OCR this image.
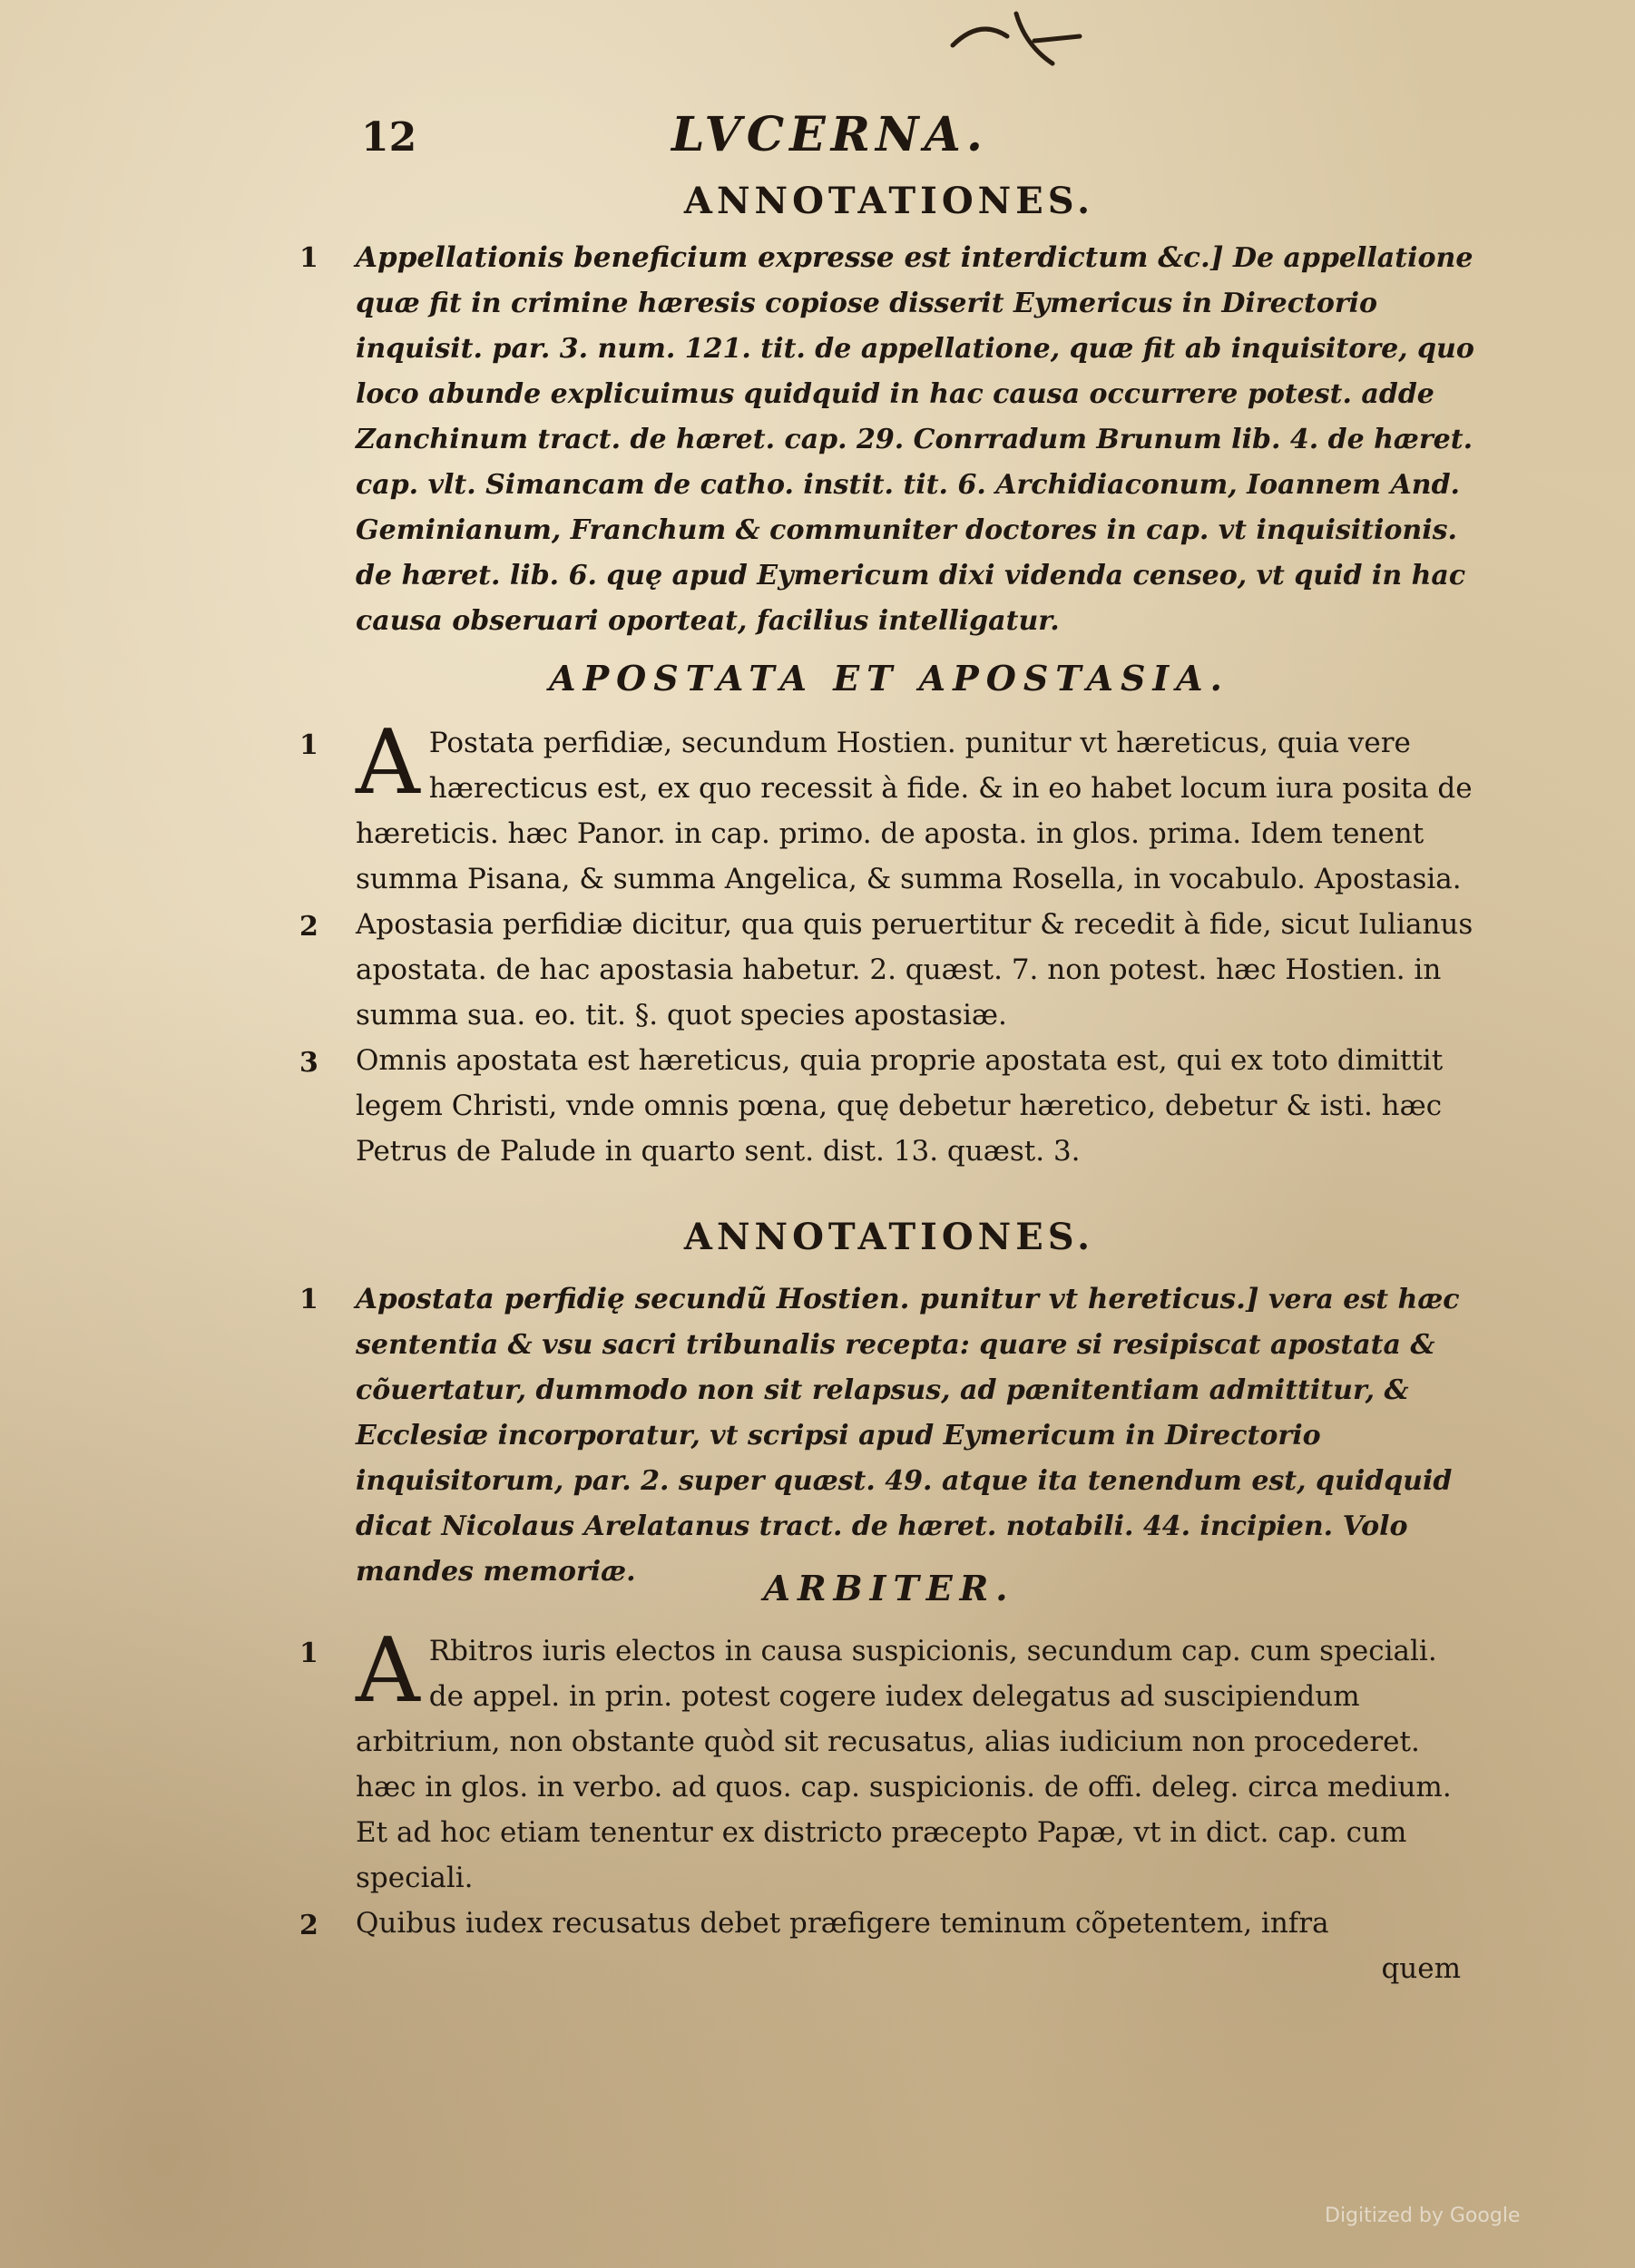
12	LVCERNA.
ANNOTATIONES.
1 Appellationis beneficium expresse est interdictum &c.] De appellatione quæ fit in crimine hæresis copiose disserit Eymericus in Directorio inquisit. par. 3. num. 121. tit. de appellatione, quæ fit ab inquisitore, quo loco abunde explicuimus quidquid in hac causa occurrere potest. adde Zanchinum tract. de hæret. cap. 29. Conrradum Brunum lib. 4. de hæret. cap. vlt. Simancam de catho. instit. tit. 6. Archidiaconum, Ioannem And. Geminianum, Franchum & communiter doctores in cap. vt inquisitionis. de hæret. lib. 6. quę apud Eymericum dixi videnda censeo, vt quid in hac causa obseruari oporteat, facilius intelligatur.

APOSTATA ET APOSTASIA.
1 A Postata perfidiæ, secundum Hostien. punitur vt hæreticus, quia vere hærecticus est, ex quo recessit à fide. & in eo habet locum iura posita de hæreticis. hæc Panor. in cap. primo. de aposta. in glos. prima. Idem tenent summa Pisana, & summa Angelica, & summa Rosella, in vocabulo. Apostasia.

2 Apostasia perfidiæ dicitur, qua quis peruertitur & recedit à fide, sicut Iulianus apostata. de hac apostasia habetur. 2. quæst. 7. non potest. hæc Hostien. in summa sua. eo. tit. §. quot species apostasiæ.

3 Omnis apostata est hæreticus, quia proprie apostata est, qui ex toto dimittit legem Christi, vnde omnis pœna, quę debetur hæretico, debetur & isti. hæc Petrus de Palude in quarto sent. dist. 13. quæst. 3.

ANNOTATIONES.
1 Apostata perfidię secundũ Hostien. punitur vt hereticus.] vera est hæc sententia & vsu sacri tribunalis recepta: quare si resipiscat apostata & cõuertatur, dummodo non sit relapsus, ad pænitentiam admittitur, & Ecclesiæ incorporatur, vt scripsi apud Eymericum in Directorio inquisitorum, par. 2. super quæst. 49. atque ita tenendum est, quidquid dicat Nicolaus Arelatanus tract. de hæret. notabili. 44. incipien. Volo mandes memoriæ.	ARBITER.
1 A Rbitros iuris electos in causa suspicionis, secundum cap. cum speciali. de appel. in prin. potest cogere iudex delegatus ad suscipiendum arbitrium, non obstante quòd sit recusatus, alias iudicium non procederet. hæc in glos. in verbo. ad quos. cap. suspicionis. de offi. deleg. circa medium. Et ad hoc etiam tenentur ex districto præcepto Papæ, vt in dict. cap. cum speciali.

2 Quibus iudex recusatus debet præfigere teminum cõpetentem, infra

quem
Digitized by Google
